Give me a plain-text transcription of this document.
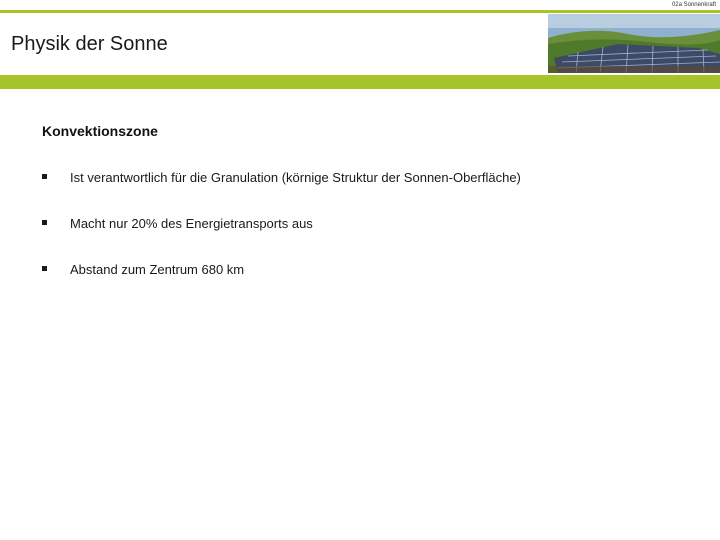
02a Sonnenkraft
Physik der Sonne
Konvektionszone
Ist verantwortlich für die Granulation (körnige Struktur der Sonnen-Oberfläche)
Macht nur 20% des Energietransports aus
Abstand zum Zentrum 680 km
